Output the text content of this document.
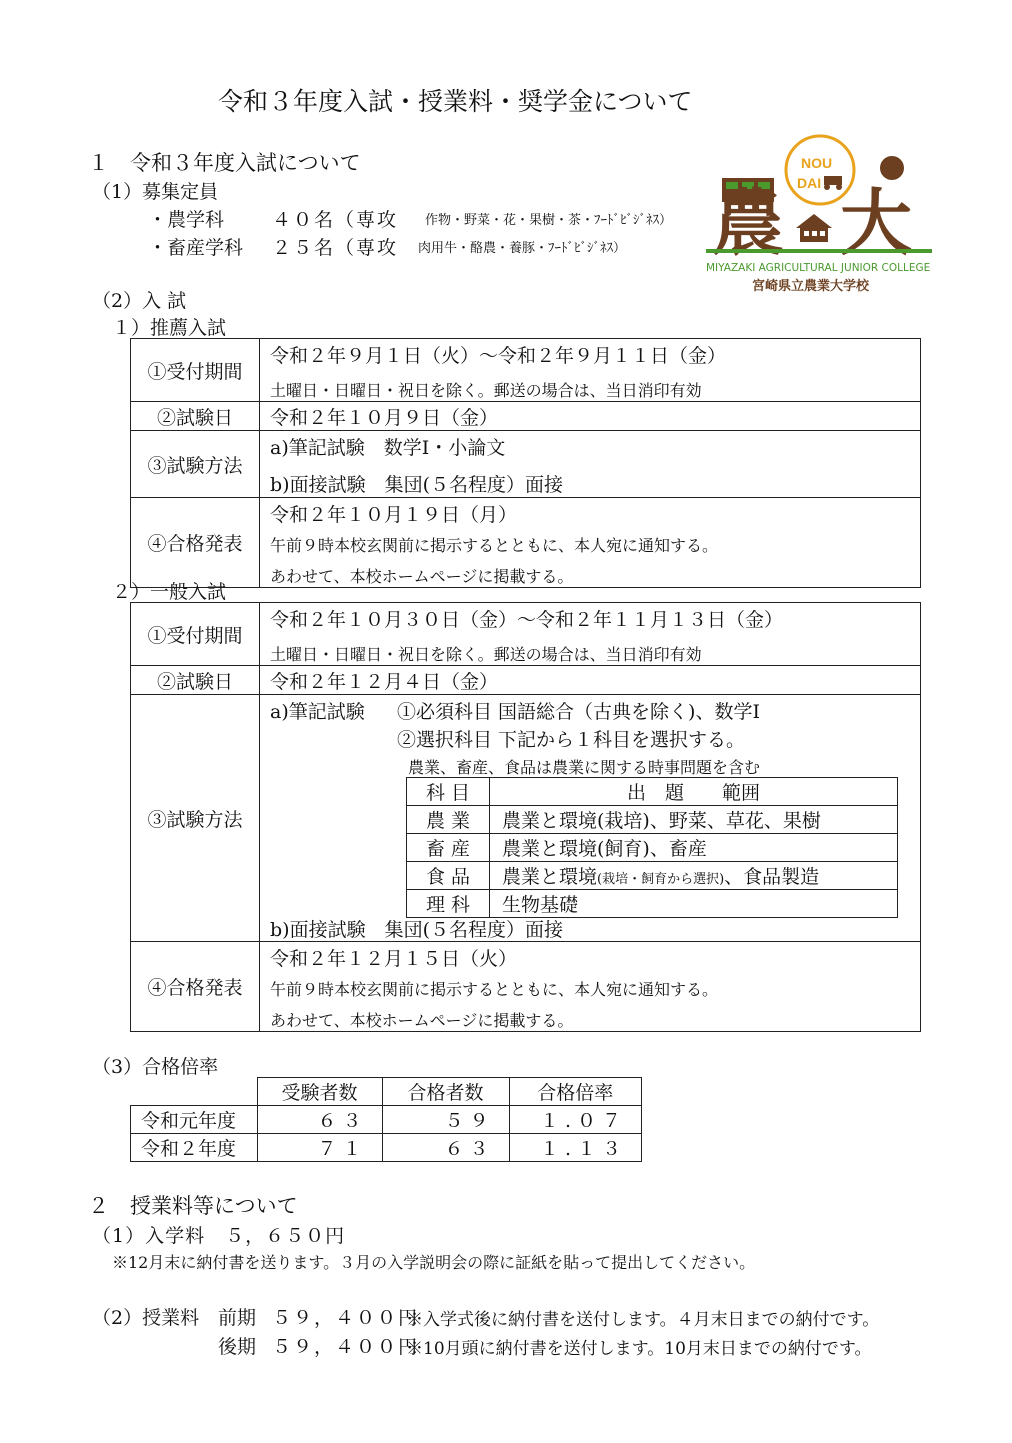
令和３年度入試・授業料・奨学金について
NOU
DAI
農 大
MIYAZAKI AGRICULTURAL JUNIOR COLLEGE
宮崎県立農業大学校
１　令和３年度入試について
（1）募集定員
・農学科	４０名（専攻 作物・野菜・花・果樹・茶・ﾌｰﾄﾞﾋﾞｼﾞﾈｽ）
・畜産学科 ２５名（専攻 肉用牛・酪農・養豚・ﾌｰﾄﾞﾋﾞｼﾞﾈｽ）
（2）入 試
１）推薦入試
①受付期間	令和２年９月１日（火）～令和２年９月１１日（金）
土曜日・日曜日・祝日を除く。郵送の場合は、当日消印有効

②試験日	令和２年１０月９日（金）

③試験方法	a)筆記試験　数学Ⅰ・小論文
b)面接試験　集団(５名程度）面接

④合格発表	令和２年１０月１９日（月）
午前９時本校玄関前に掲示するとともに、本人宛に通知する。
あわせて、本校ホームページに掲載する。
２）一般入試
①受付期間	
令和２年１０月３０日（金）～令和２年１１月１３日（金）
土曜日・日曜日・祝日を除く。郵送の場合は、当日消印有効

②試験日	令和２年１２月４日（金）

③試験方法	
a)筆記試験 ①必須科目 国語総合（古典を除く)、数学Ⅰ
②選択科目 下記から１科目を選択する。
農業、畜産、食品は農業に関する時事問題を含む
科 目	出　題　　範囲
農 業	農業と環境(栽培)、野菜、草花、果樹
畜 産	農業と環境(飼育)、畜産
食 品	農業と環境(栽培・飼育から選択)、食品製造
理 科	生物基礎
b)面接試験　集団(５名程度）面接

④合格発表	
令和２年１２月１５日（火）
午前９時本校玄関前に掲示するとともに、本人宛に通知する。
あわせて、本校ホームページに掲載する。
（3）合格倍率
	受験者数	合格者数	合格倍率
令和元年度	６３	５９	１.０７
令和２年度	７１	６３	１.１３
２　授業料等について
（1）入学料　５，６５０円
※12月末に納付書を送ります。３月の入学説明会の際に証紙を貼って提出してください。
（2）授業料 前期 ５９，４００円
※入学式後に納付書を送付します。４月末日までの納付です。
後期 ５９，４００円
※10月頭に納付書を送付します。10月末日までの納付です。
